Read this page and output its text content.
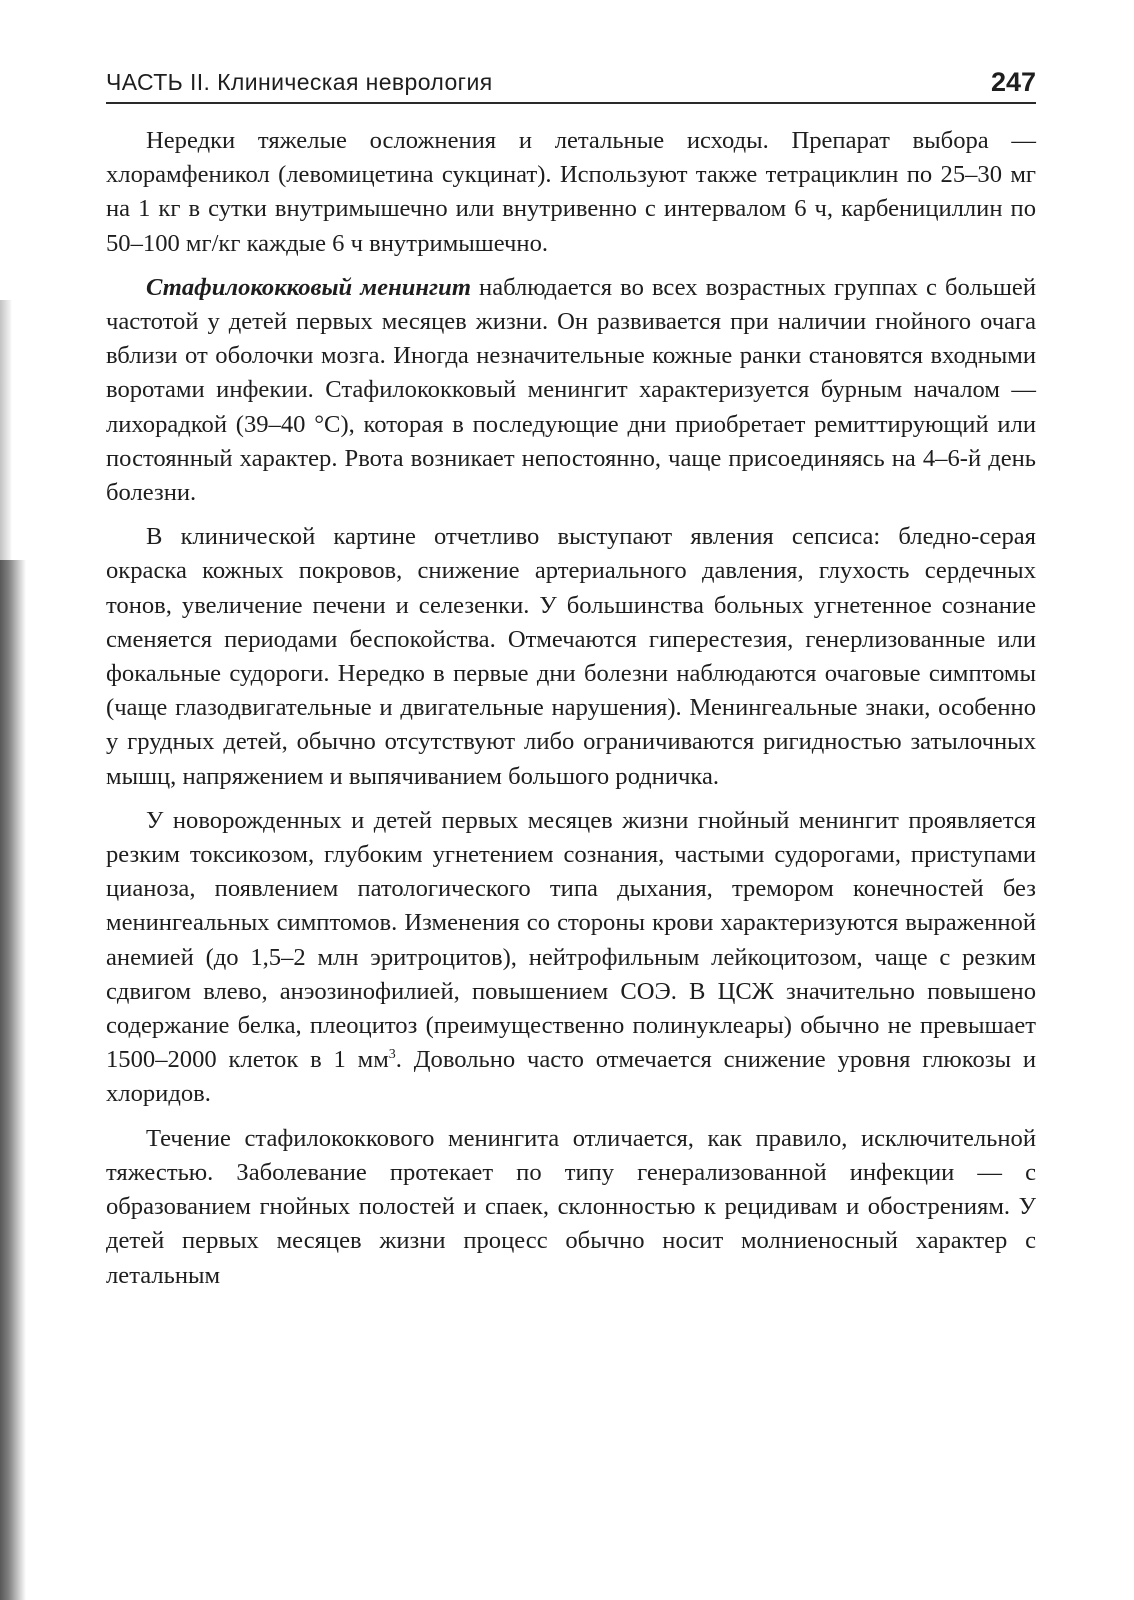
ЧАСТЬ II. Клиническая неврология	247

Нередки тяжелые осложнения и летальные исходы. Препарат выбора — хлорамфеникол (левомицетина сукцинат). Используют также тетрациклин по 25–30 мг на 1 кг в сутки внутримышечно или внутривенно с интервалом 6 ч, карбенициллин по 50–100 мг/кг каждые 6 ч внутримышечно.

Стафилококковый менингит наблюдается во всех возрастных группах с большей частотой у детей первых месяцев жизни. Он развивается при наличии гнойного очага вблизи от оболочки мозга. Иногда незначительные кожные ранки становятся входными воротами инфекии. Стафилококковый менингит характеризуется бурным началом — лихорадкой (39–40 °С), которая в последующие дни приобретает ремиттирующий или постоянный характер. Рвота возникает непостоянно, чаще присоединяясь на 4–6-й день болезни.

В клинической картине отчетливо выступают явления сепсиса: бледно-серая окраска кожных покровов, снижение артериального давления, глухость сердечных тонов, увеличение печени и селезенки. У большинства больных угнетенное сознание сменяется периодами беспокойства. Отмечаются гиперестезия, генерлизованные или фокальные судороги. Нередко в первые дни болезни наблюдаются очаговые симптомы (чаще глазодвигательные и двигательные нарушения). Менингеальные знаки, особенно у грудных детей, обычно отсутствуют либо ограничиваются ригидностью затылочных мышц, напряжением и выпячиванием большого родничка.

У новорожденных и детей первых месяцев жизни гнойный менингит проявляется резким токсикозом, глубоким угнетением сознания, частыми судорогами, приступами цианоза, появлением патологического типа дыхания, тремором конечностей без менингеальных симптомов. Изменения со стороны крови характеризуются выраженной анемией (до 1,5–2 млн эритроцитов), нейтрофильным лейкоцитозом, чаще с резким сдвигом влево, анэозинофилией, повышением СОЭ. В ЦСЖ значительно повышено содержание белка, плеоцитоз (преимущественно полинуклеары) обычно не превышает 1500–2000 клеток в 1 $мм^3$. Довольно часто отмечается снижение уровня глюкозы и хлоридов.

Течение стафилококкового менингита отличается, как правило, исключительной тяжестью. Заболевание протекает по типу генерализованной инфекции — с образованием гнойных полостей и спаек, склонностью к рецидивам и обострениям. У детей первых месяцев жизни процесс обычно носит молниеносный характер с летальным
